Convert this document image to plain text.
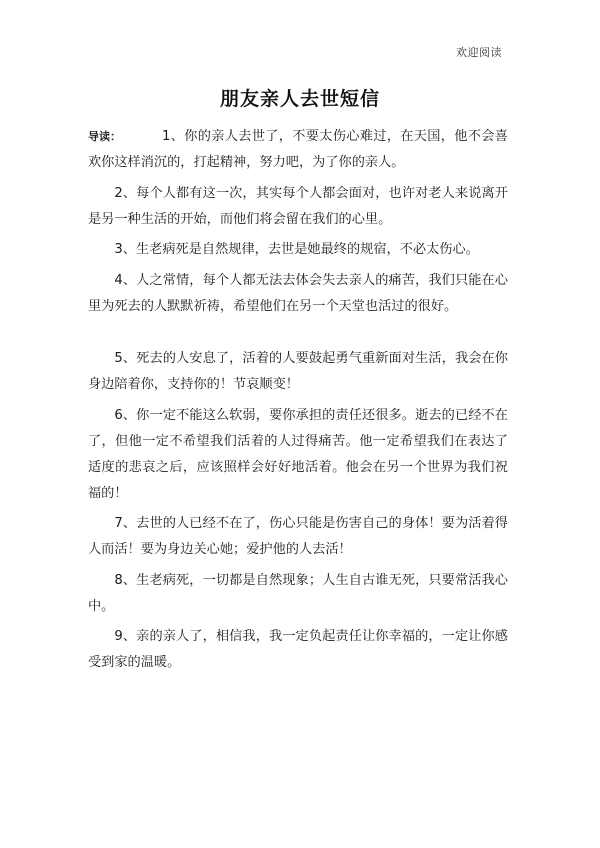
欢迎阅读
朋友亲人去世短信

导读：	1、你的亲人去世了，不要太伤心难过，在天国，他不会喜欢你这样消沉的，打起精神，努力吧，为了你的亲人。

2、每个人都有这一次，其实每个人都会面对，也许对老人来说离开是另一种生活的开始，而他们将会留在我们的心里。

3、生老病死是自然规律，去世是她最终的规宿，不必太伤心。

4、人之常情，每个人都无法去体会失去亲人的痛苦，我们只能在心里为死去的人默默祈祷，希望他们在另一个天堂也活过的很好。

5、死去的人安息了，活着的人要鼓起勇气重新面对生活，我会在你身边陪着你，支持你的！节哀顺变！

6、你一定不能这么软弱，要你承担的责任还很多。逝去的已经不在了，但他一定不希望我们活着的人过得痛苦。他一定希望我们在表达了适度的悲哀之后，应该照样会好好地活着。他会在另一个世界为我们祝福的！

7、去世的人已经不在了，伤心只能是伤害自己的身体！要为活着得人而活！要为身边关心她；爱护他的人去活！

8、生老病死，一切都是自然现象；人生自古谁无死，只要常活我心中。

9、亲的亲人了，相信我，我一定负起责任让你幸福的，一定让你感受到家的温暖。
